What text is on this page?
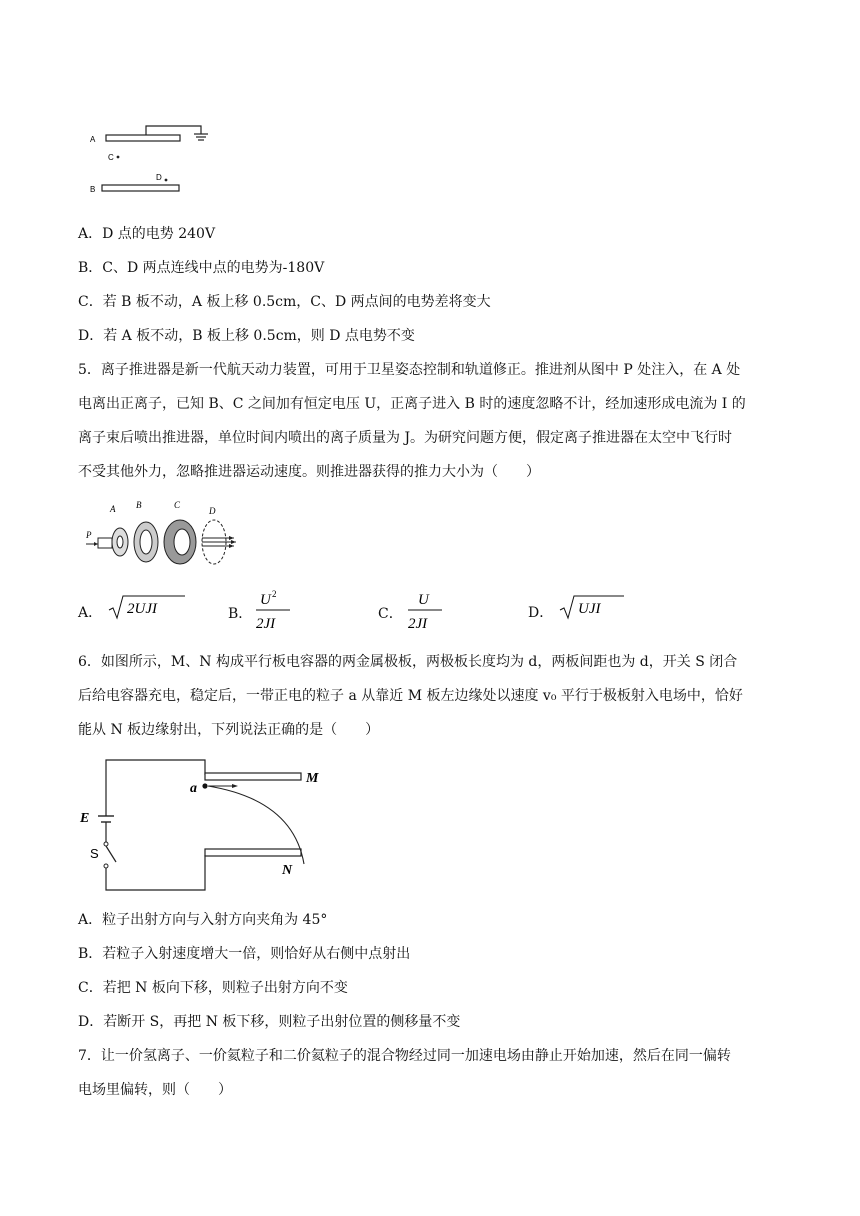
A
B
C
D
A．D 点的电势 240V
B．C、D 两点连线中点的电势为-180V
C．若 B 板不动，A 板上移 0.5cm，C、D 两点间的电势差将变大
D．若 A 板不动，B 板上移 0.5cm，则 D 点电势不变
5．离子推进器是新一代航天动力装置，可用于卫星姿态控制和轨道修正。推进剂从图中 P 处注入，在 A 处
电离出正离子，已知 B、C 之间加有恒定电压 U，正离子进入 B 时的速度忽略不计，经加速形成电流为 I 的
离子束后喷出推进器，单位时间内喷出的离子质量为 J。为研究问题方便，假定离子推进器在太空中飞行时
不受其他外力，忽略推进器运动速度。则推进器获得的推力大小为（　　）
P
A B	C
D
A． 2UJI	B．
U 2
2JI
C．
U
2JI
D． UJI
6．如图所示，M、N 构成平行板电容器的两金属极板，两极板长度均为 d，两板间距也为 d，开关 S 闭合
后给电容器充电，稳定后，一带正电的粒子 a 从靠近 M 板左边缘处以速度 v₀ 平行于极板射入电场中，恰好
能从 N 板边缘射出，下列说法正确的是（　　）
M
N
a
E
S
A．粒子出射方向与入射方向夹角为 45°
B．若粒子入射速度增大一倍，则恰好从右侧中点射出
C．若把 N 板向下移，则粒子出射方向不变
D．若断开 S，再把 N 板下移，则粒子出射位置的侧移量不变
7．让一价氢离子、一价氦粒子和二价氦粒子的混合物经过同一加速电场由静止开始加速，然后在同一偏转
电场里偏转，则（　　）
